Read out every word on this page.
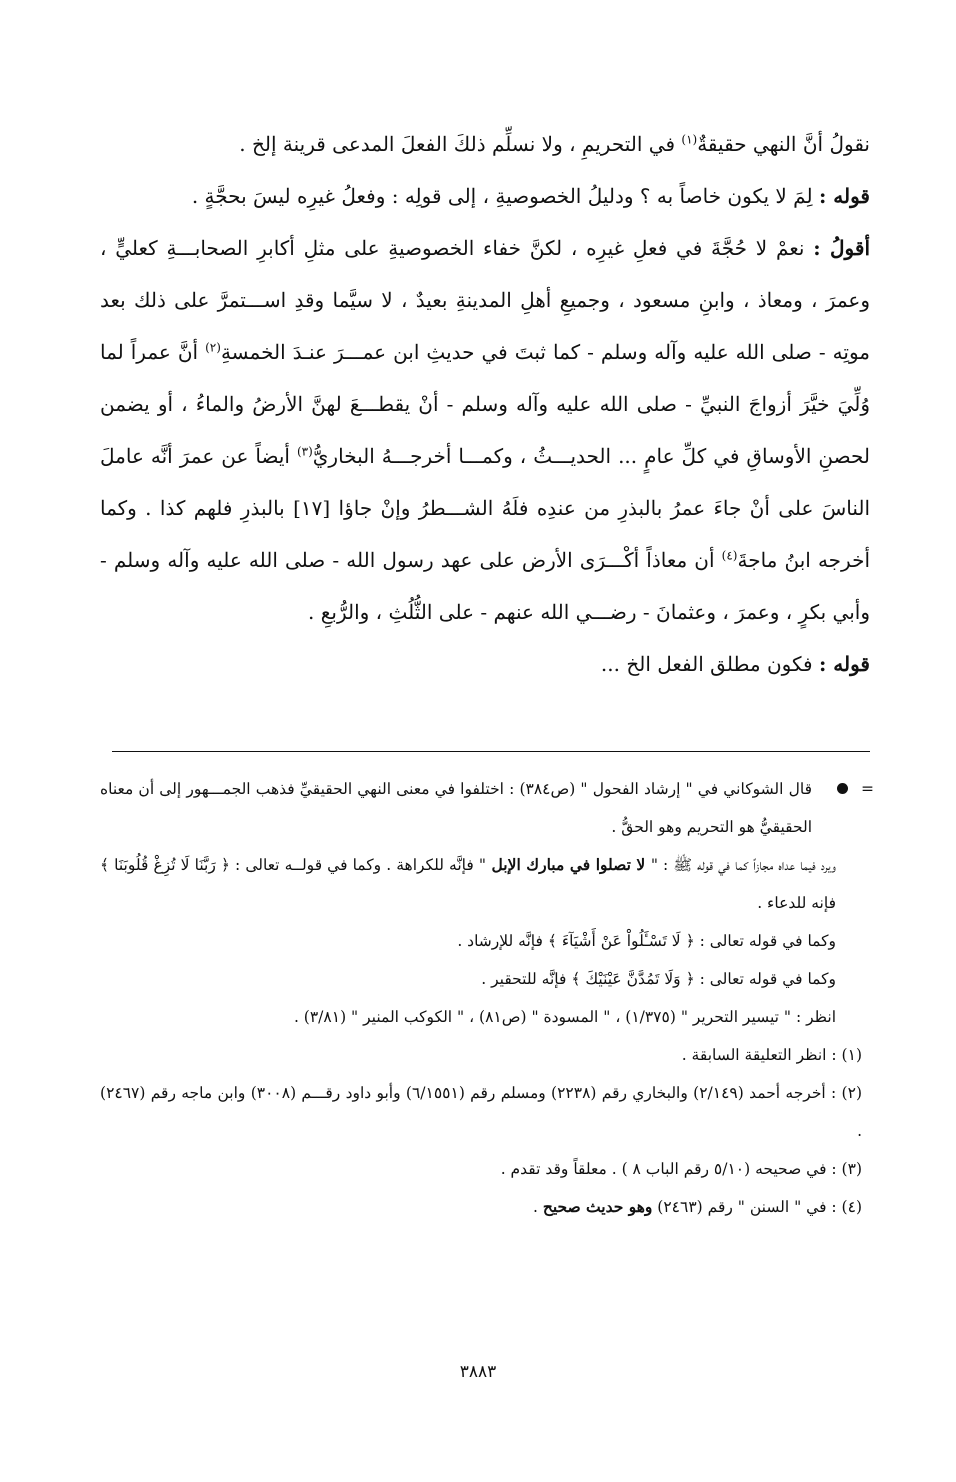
نقولُ أنَّ النهي حقيقةٌ$^{(١)}$ في التحريمِ ، ولا نسلِّم ذلكَ الفعلَ المدعى قرينة إلخ .

قوله : لِمَ لا يكون خاصاً به ؟ ودليلُ الخصوصيةِ ، إلى قولِه : وفعلُ غيرِه ليسَ بحجَّةٍ .

أقولُ : نعمْ لا حُجَّةَ في فعلِ غيرِه ، لكنَّ خفاء الخصوصيةِ على مثلِ أكابرِ الصحابـــةِ كعليٍّ ، وعمرَ ، ومعاذ ، وابنِ مسعود ، وجميعِ أهلِ المدينةِ بعيدٌ ، لا سيَّما وقدِ اســـتمرَّ على ذلك بعد موتِه - صلى الله عليه وآله وسلم - كما ثبتَ في حديثِ ابن عمـــرَ عنـدَ الخمسةِ$^{(٢)}$ أنَّ عمراً لما وُلِّيَ خيَّرَ أزواجَ النبيِّ - صلى الله عليه وآله وسلم - أنْ يقطـــعَ لهنَّ الأرضُ والماءُ ، أو يضمن لحصنِ الأوساقِ في كلِّ عامٍ ... الحديـــثُ ، وكمـــا أخرجـــهُ البخاريُّ$^{(٣)}$ أيضاً عن عمرَ أنَّه عاملَ الناسَ على أنْ جاءَ عمرُ بالبذرِ من عندِه فلَهُ الشـــطرُ وإنْ جاؤا [١٧] بالبذرِ فلهم كذا . وكما أخرجه ابنُ ماجةَ$^{(٤)}$ أن معاذاً أكْـــرَى الأرض على عهد رسول الله - صلى الله عليه وآله وسلم - وأبي بكرٍ ، وعمرَ ، وعثمانَ - رضـــي الله عنهم - على الثُّلُثِ ، والرُّبعِ .

قوله : فكون مطلق الفعل الخ ...

=
قال الشوكاني في " إرشاد الفحول " (ص٣٨٤) : اختلفوا في معنى النهي الحقيقيِّ فذهب الجمـــهور إلى أن معناه الحقيقيُّ هو التحريم وهو الحقُّ .

ويرد فيما عداه مجازاً كما في قوله ﷺ : " لا تصلوا في مبارك الإبل " فإنَّه للكراهة . وكما في قولــه تعالى : ﴿ رَبَّنَا لَا تُزِغْ قُلُوبَنَا ﴾ فإنه للدعاء .

وكما في قوله تعالى : ﴿ لَا تَسْـَٔلُواْ عَنْ أَشْيَآءَ ﴾ فإنَّه للإرشاد .

وكما في قوله تعالى : ﴿ وَلَا تَمُدَّنَّ عَيْنَيْكَ ﴾ فإنَّه للتحقير .

انظر : " تيسير التحرير " (١/٣٧٥) ، " المسودة " (ص٨١) ، " الكوكب المنير " (٣/٨١) .

(١) : انظر التعليقة السابقة .

(٢) : أخرجه أحمد (٢/١٤٩) والبخاري رقم (٢٢٣٨) ومسلم رقم (٦/١٥٥١) وأبو داود رقـــم (٣٠٠٨) وابن ماجه رقم (٢٤٦٧) .

(٣) : في صحيحه (٥/١٠ رقم الباب ٨ ) . معلقاً وقد تقدم .

(٤) : في " السنن " رقم (٢٤٦٣) وهو حديث صحيح .

٣٨٨٣
